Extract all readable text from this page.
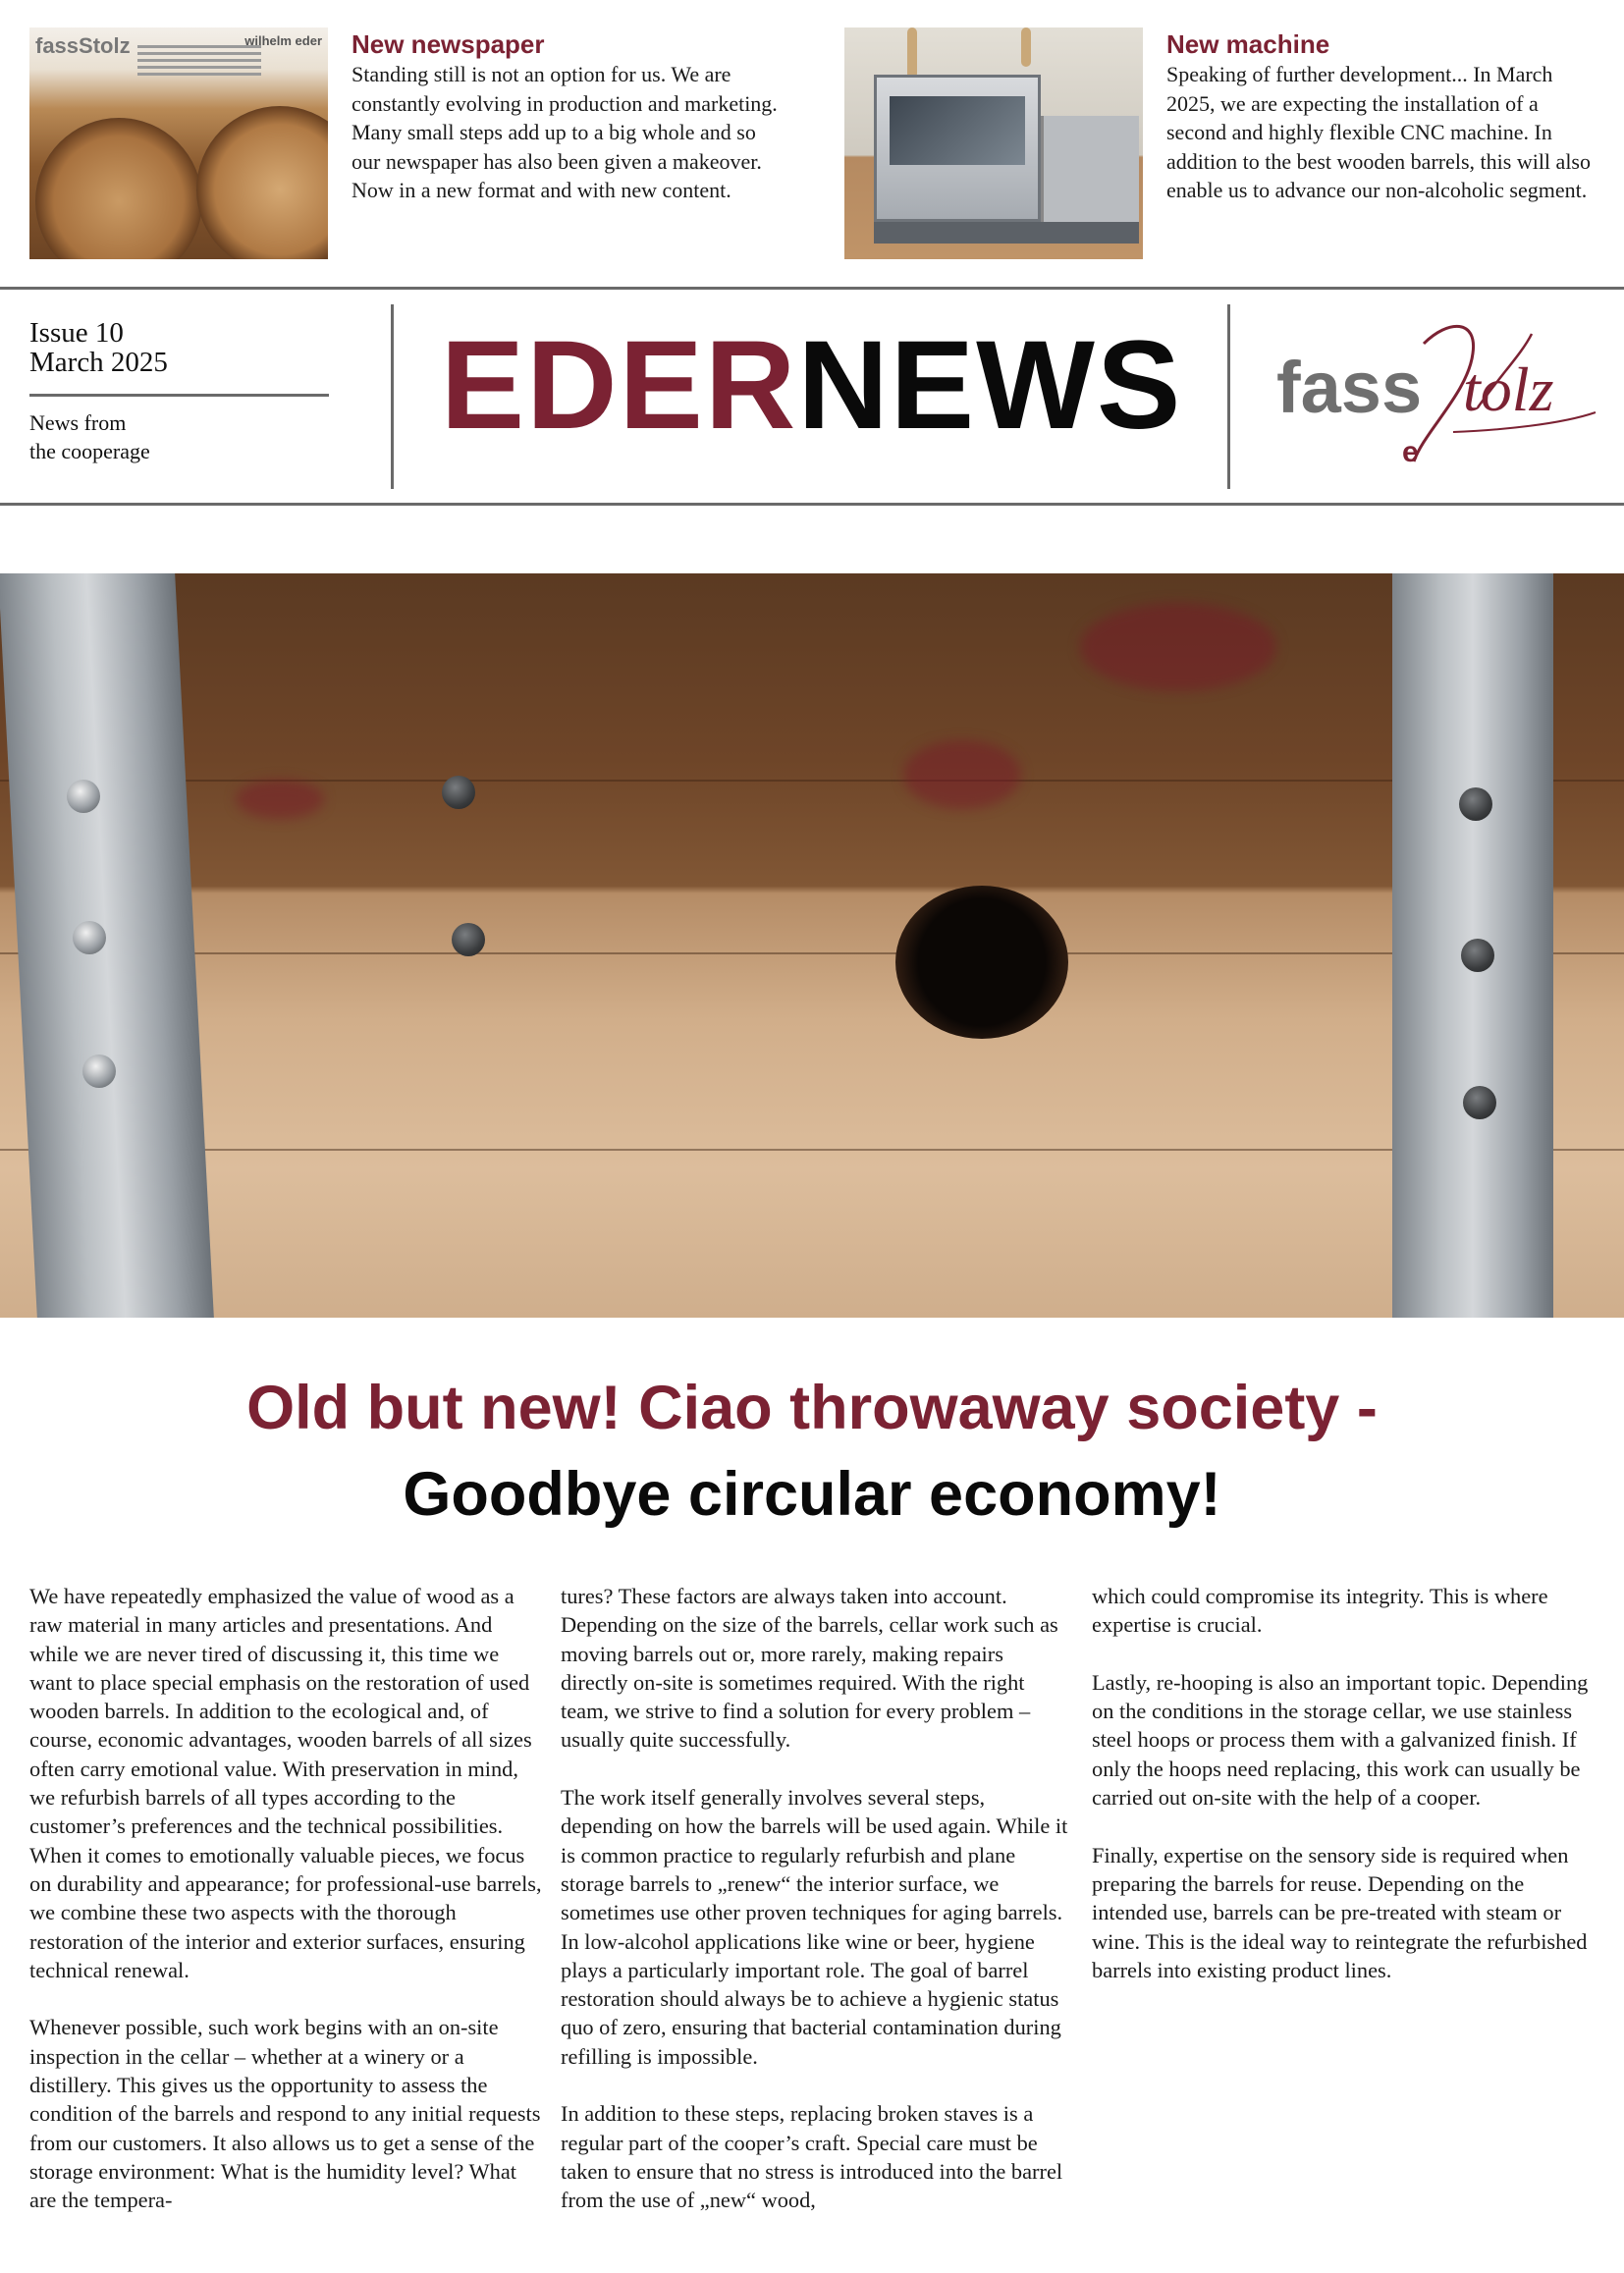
fassStolz	wilhelm eder New newspaper

Standing still is not an option for us. We are constantly evolving in production and marketing. Many small steps add up to a big whole and so our newspaper has also been given a makeover. Now in a new format and with new content.

New machine

Speaking of further development... In March 2025, we are expecting the installation of a second and highly flexible CNC machine. In addition to the best wooden barrels, this will also enable us to advance our non-alcoholic segment.

Issue 10
March 2025
News from
the cooperage	EDERNEWS	fass tolz
e
Old but new! Ciao throwaway society -
Goodbye circular economy!

We have repeatedly emphasized the value of wood as a raw material in many articles and presentations. And while we are never tired of discussing it, this time we want to place special emphasis on the restoration of used wooden barrels. In addition to the ecological and, of course, economic advantages, wooden barrels of all sizes often carry emotional value. With preservation in mind, we refurbish barrels of all types according to the customer’s preferences and the technical possibilities. When it comes to emotionally valuable pieces, we focus on durability and appearance; for professional-use barrels, we combine these two aspects with the thorough restoration of the interior and exterior surfaces, ensuring technical renewal.

Whenever possible, such work begins with an on-site inspection in the cellar – whether at a winery or a distillery. This gives us the opportunity to assess the condition of the barrels and respond to any initial requests from our customers. It also allows us to get a sense of the storage environment: What is the humidity level? What are the tempera-

tures? These factors are always taken into account. Depending on the size of the barrels, cellar work such as moving barrels out or, more rarely, making repairs directly on-site is sometimes required. With the right team, we strive to find a solution for every problem – usually quite successfully.

The work itself generally involves several steps, depending on how the barrels will be used again. While it is common practice to regularly refurbish and plane storage barrels to „renew“ the interior surface, we sometimes use other proven techniques for aging barrels. In low-alcohol applications like wine or beer, hygiene plays a particularly important role. The goal of barrel restoration should always be to achieve a hygienic status quo of zero, ensuring that bacterial contamination during refilling is impossible.

In addition to these steps, replacing broken staves is a regular part of the cooper’s craft. Special care must be taken to ensure that no stress is introduced into the barrel from the use of „new“ wood,

which could compromise its integrity. This is where expertise is crucial.

Lastly, re-hooping is also an important topic. Depending on the conditions in the storage cellar, we use stainless steel hoops or process them with a galvanized finish. If only the hoops need replacing, this work can usually be carried out on-site with the help of a cooper.

Finally, expertise on the sensory side is required when preparing the barrels for reuse. Depending on the intended use, barrels can be pre-treated with steam or wine. This is the ideal way to reintegrate the refurbished barrels into existing product lines.
